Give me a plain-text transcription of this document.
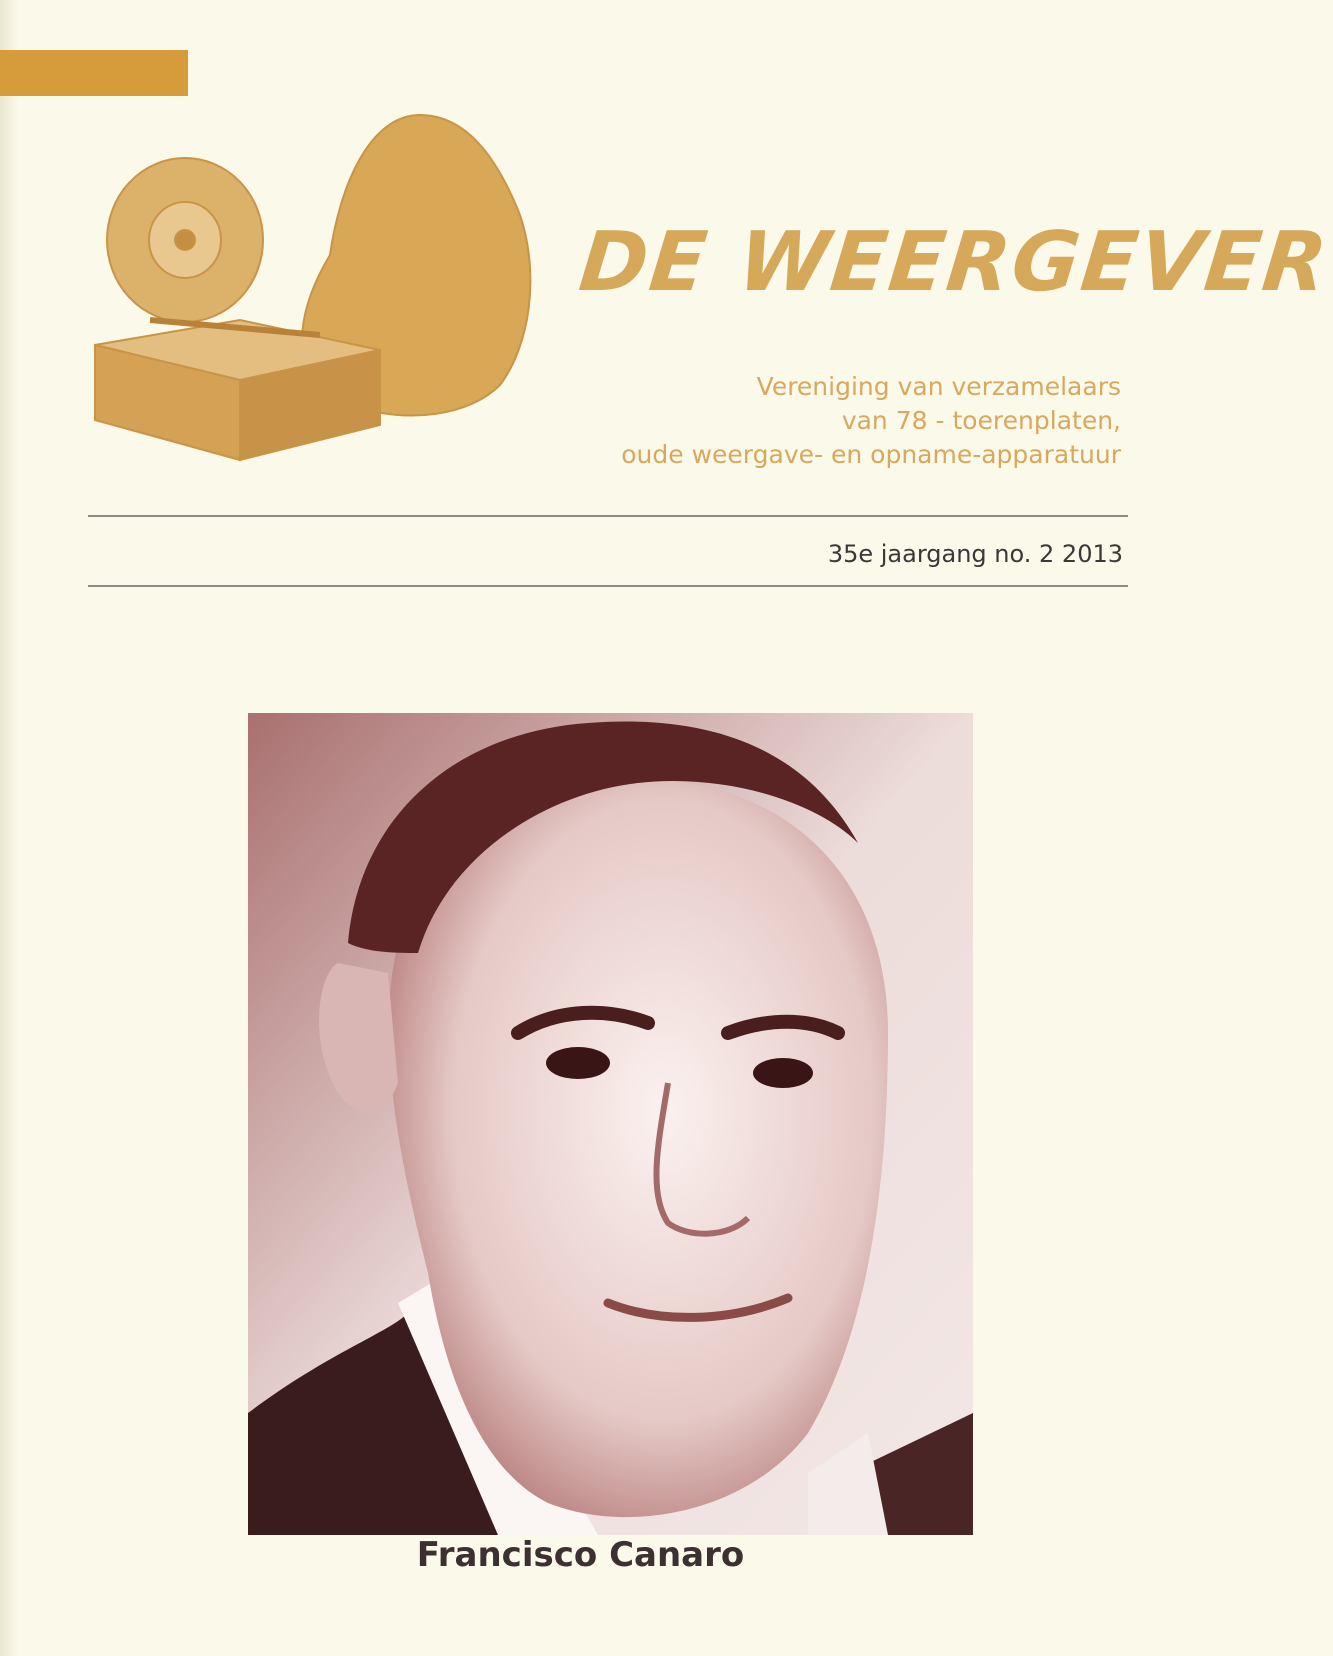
DE WEERGEVER
Vereniging van verzamelaars
van 78 - toerenplaten,
oude weergave- en opname-apparatuur
35e jaargang no. 2 2013
Francisco Canaro
